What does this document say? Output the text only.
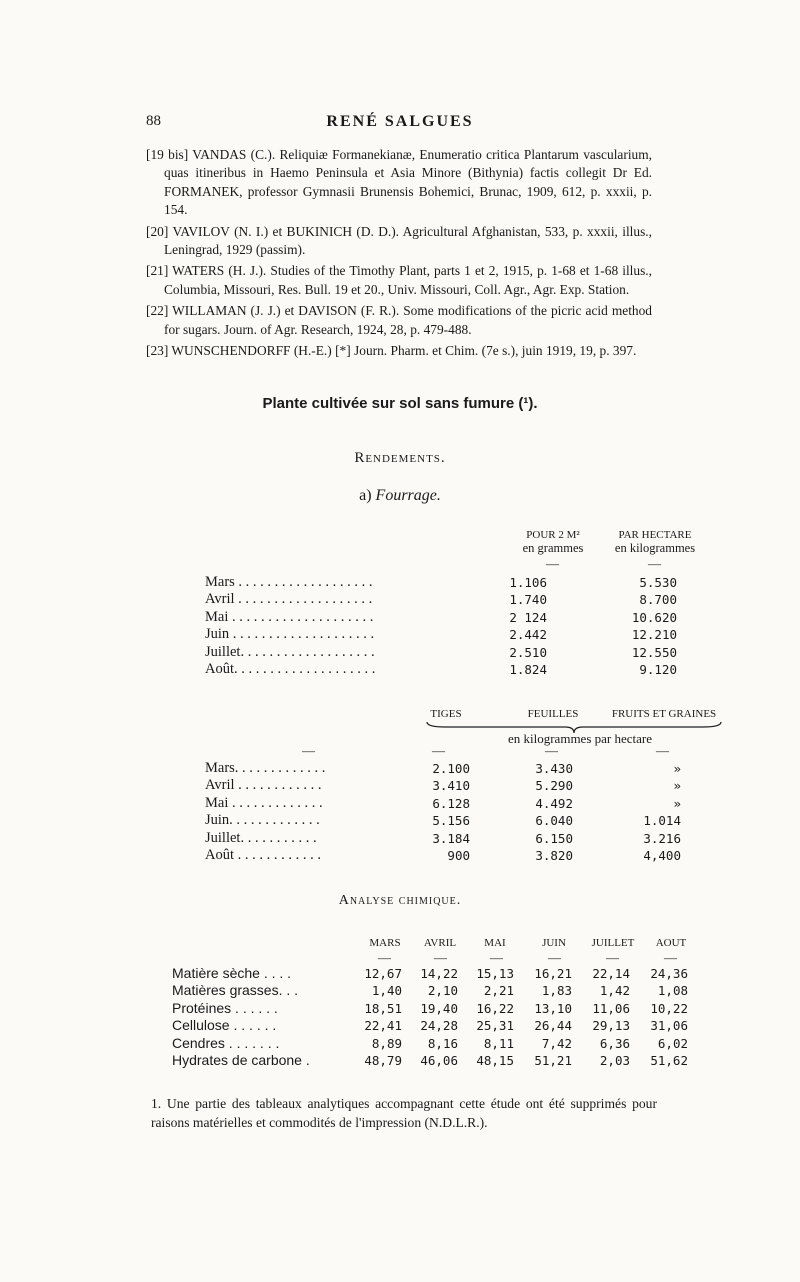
88	RENÉ SALGUES

[19 bis] VANDAS (C.). Reliquiæ Formanekianæ, Enumeratio critica Plantarum vascularium, quas itineribus in Haemo Peninsula et Asia Minore (Bithynia) factis collegit Dr Ed. FORMANEK, professor Gymnasii Brunensis Bohemici, Brunac, 1909, 612, p. xxxii, p. 154.

[20] VAVILOV (N. I.) et BUKINICH (D. D.). Agricultural Afghanistan, 533, p. xxxii, illus., Leningrad, 1929 (passim).

[21] WATERS (H. J.). Studies of the Timothy Plant, parts 1 et 2, 1915, p. 1-68 et 1-68 illus., Columbia, Missouri, Res. Bull. 19 et 20., Univ. Missouri, Coll. Agr., Agr. Exp. Station.

[22] WILLAMAN (J. J.) et DAVISON (F. R.). Some modifications of the picric acid method for sugars. Journ. of Agr. Research, 1924, 28, p. 479-488.

[23] WUNSCHENDORFF (H.-E.) [*] Journ. Pharm. et Chim. (7e s.), juin 1919, 19, p. 397.

Plante cultivée sur sol sans fumure (¹).
Rendements.
a) Fourrage.
POUR 2 M²
en grammes
PAR HECTARE
en kilogrammes
—	—
Mars . . . . . . . . . . . . . . . . . . .	1.106	5.530
Avril . . . . . . . . . . . . . . . . . . .	1.740	8.700
Mai . . . . . . . . . . . . . . . . . . . .	2 124	10.620
Juin . . . . . . . . . . . . . . . . . . . .	2.442	12.210
Juillet. . . . . . . . . . . . . . . . . . .	2.510	12.550
Août. . . . . . . . . . . . . . . . . . . .	1.824	9.120
TIGES	FEUILLES	FRUITS ET GRAINES
en kilogrammes par hectare
—	—	—	—
Mars. . . . . . . . . . . . .	2.100	3.430	»
Avril . . . . . . . . . . . .	3.410	5.290	»
Mai . . . . . . . . . . . . .	6.128	4.492	»
Juin. . . . . . . . . . . . .	5.156	6.040	1.014
Juillet. . . . . . . . . . .	3.184	6.150	3.216
Août . . . . . . . . . . . .	900	3.820	4,400
Analyse chimique.
MARS	AVRIL	MAI	JUIN	JUILLET	AOUT
—	—	—	—	—	—
Matière sèche . . . .	12,67 14,22 15,13 16,21 22,14 24,36
Matières grasses. . .	1,40	2,10	2,21	1,83	1,42	1,08
Protéines . . . . . .	18,51 19,40 16,22 13,10 11,06 10,22
Cellulose . . . . . .	22,41 24,28 25,31 26,44 29,13 31,06
Cendres . . . . . . .	8,89	8,16	8,11	7,42	6,36	6,02
Hydrates de carbone .	48,79 46,06 48,15 51,21	2,03 51,62
1. Une partie des tableaux analytiques accompagnant cette étude ont été supprimés pour raisons matérielles et commodités de l'impression (N.D.L.R.).
